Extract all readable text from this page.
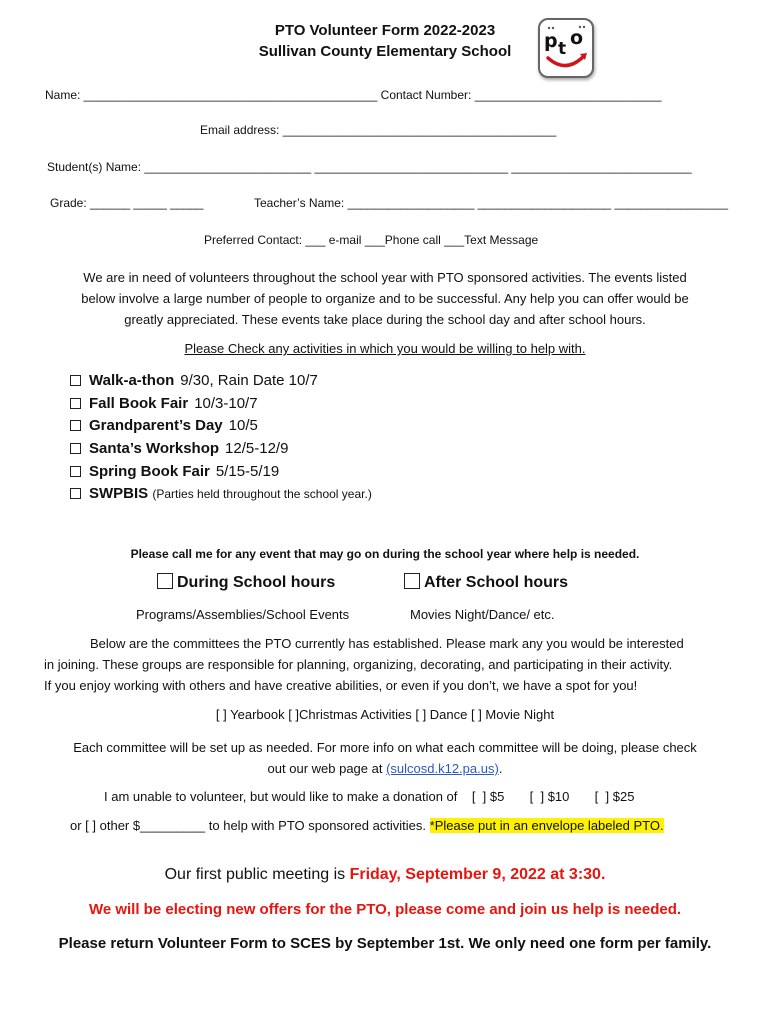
PTO Volunteer Form 2022-2023
Sullivan County Elementary School	p t o
Name: ____________________________________________ Contact Number: ____________________________
Email address: _________________________________________
Student(s) Name: _________________________ _____________________________ ___________________________
Grade: ______ _____ _____	Teacher’s Name: ___________________ ____________________ _________________
Preferred Contact: ___ e-mail ___Phone call ___Text Message
We are in need of volunteers throughout the school year with PTO sponsored activities. The events listed
below involve a large number of people to organize and to be successful. Any help you can offer would be
greatly appreciated. These events take place during the school day and after school hours.
Please Check any activities in which you would be willing to help with.
Walk-a-thon 9/30, Rain Date 10/7
Fall Book Fair 10/3-10/7
Grandparent’s Day 10/5
Santa’s Workshop 12/5-12/9
Spring Book Fair 5/15-5/19
SWPBIS (Parties held throughout the school year.)
Please call me for any event that may go on during the school year where help is needed.
During School hours	After School hours
Programs/Assemblies/School Events	Movies Night/Dance/ etc.
Below are the committees the PTO currently has established. Please mark any you would be interested
in joining. These groups are responsible for planning, organizing, decorating, and participating in their activity.
If you enjoy working with others and have creative abilities, or even if you don’t, we have a spot for you!
[ ] Yearbook [ ]Christmas Activities [ ] Dance [ ] Movie Night
Each committee will be set up as needed. For more info on what each committee will be doing, please check
out our web page at (sulcosd.k12.pa.us).
I am unable to volunteer, but would like to make a donation of    [  ] $5       [  ] $10       [  ] $25
or [ ] other $_________ to help with PTO sponsored activities. *Please put in an envelope labeled PTO.
Our first public meeting is Friday, September 9, 2022 at 3:30.
We will be electing new offers for the PTO, please come and join us help is needed.
Please return Volunteer Form to SCES by September 1st. We only need one form per family.
